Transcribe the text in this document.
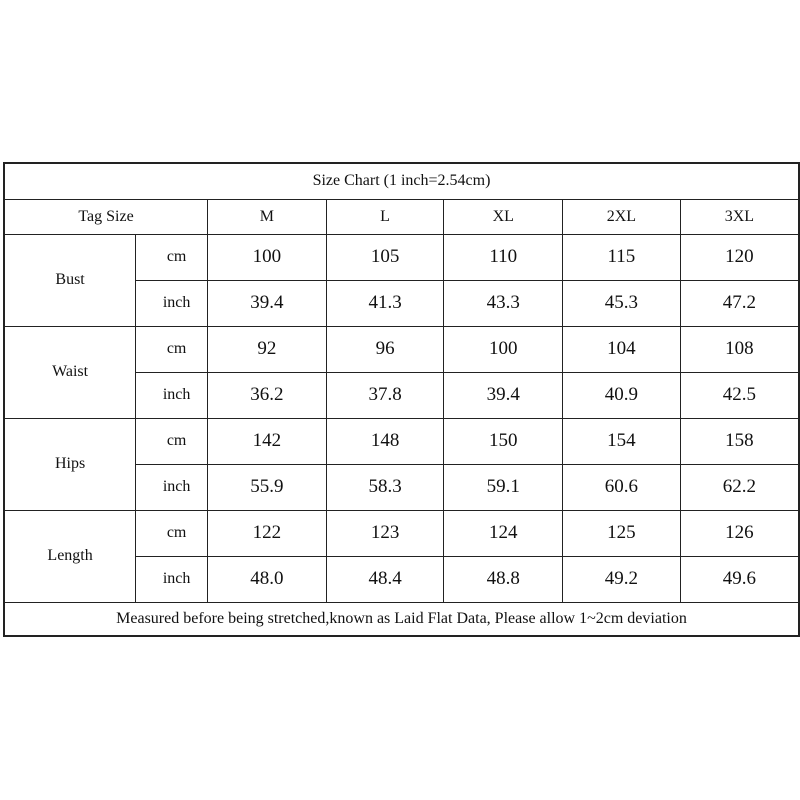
Size Chart (1 inch=2.54cm)						
Tag Size		M	L	XL	2XL	3XL
Bust	cm	100	105	110	115	120
	inch	39.4	41.3	43.3	45.3	47.2
Waist	cm	92	96	100	104	108
	inch	36.2	37.8	39.4	40.9	42.5
Hips	cm	142	148	150	154	158
	inch	55.9	58.3	59.1	60.6	62.2
Length	cm	122	123	124	125	126
	inch	48.0	48.4	48.8	49.2	49.6
Measured before being stretched,known as Laid Flat Data, Please allow 1~2cm deviation						
